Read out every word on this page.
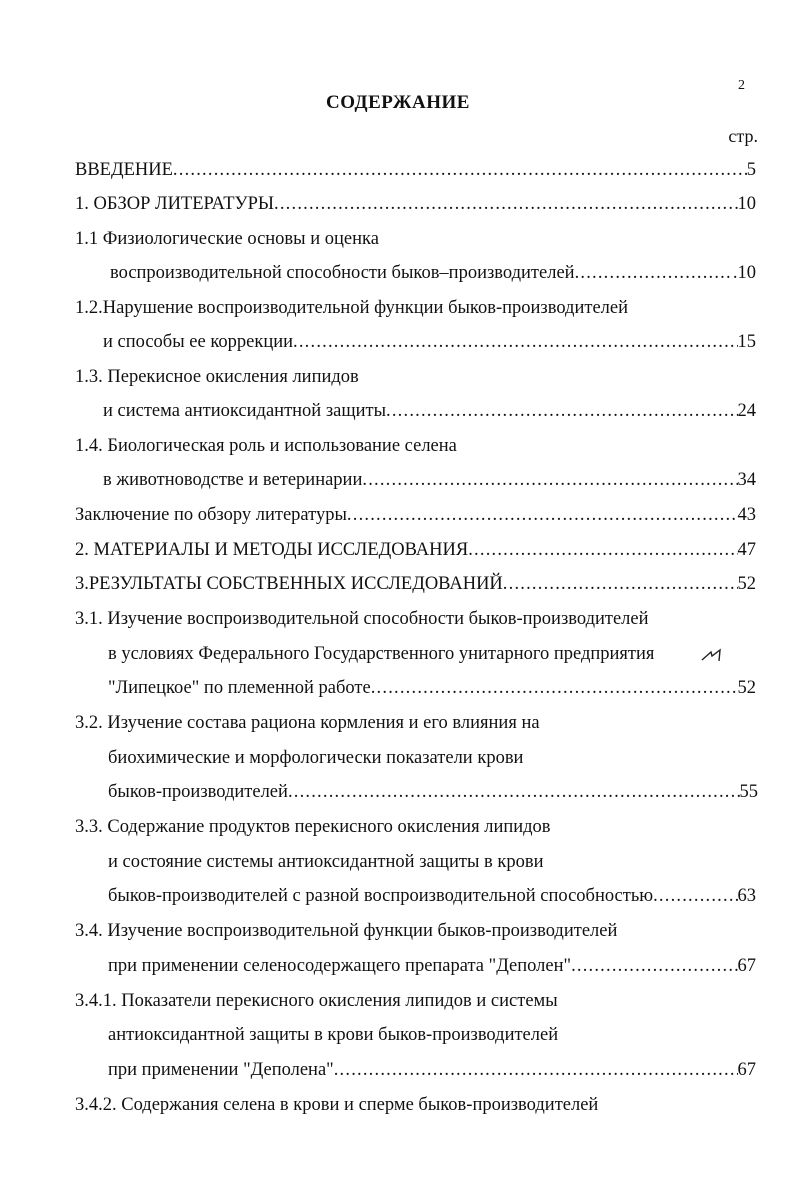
2
СОДЕРЖАНИЕ
стр.
ВВЕДЕНИЕ .....	5
1. ОБЗОР ЛИТЕРАТУРЫ .....	10
1.1 Физиологические основы и оценка
воспроизводительной способности быков–производителей .....	.10
1.2.Нарушение воспроизводительной функции быков-производителей
и способы ее коррекции .....	15
1.3. Перекисное окисления липидов
и система антиоксидантной защиты .....	24
1.4. Биологическая роль и использование селена
в животноводстве и ветеринарии .....	34
Заключение по обзору литературы .....	43
2. МАТЕРИАЛЫ И МЕТОДЫ ИССЛЕДОВАНИЯ .....	47
3.РЕЗУЛЬТАТЫ СОБСТВЕННЫХ ИССЛЕДОВАНИЙ .....	52
3.1. Изучение воспроизводительной способности быков-производителей
в условиях Федерального Государственного унитарного предприятия
"Липецкое" по племенной работе .....	52
3.2. Изучение состава рациона кормления и его влияния на
биохимические и морфологически показатели крови
быков-производителей .....	55
3.3. Содержание продуктов перекисного окисления липидов
и состояние системы антиоксидантной защиты в крови
быков-производителей с разной воспроизводительной способностью .....	63
3.4. Изучение воспроизводительной функции быков-производителей
при применении селеносодержащего препарата "Деполен" .....	67
3.4.1. Показатели перекисного окисления липидов и системы
антиоксидантной защиты в крови быков-производителей
при применении "Деполена" .....	67
3.4.2. Содержания селена в крови и сперме быков-производителей
